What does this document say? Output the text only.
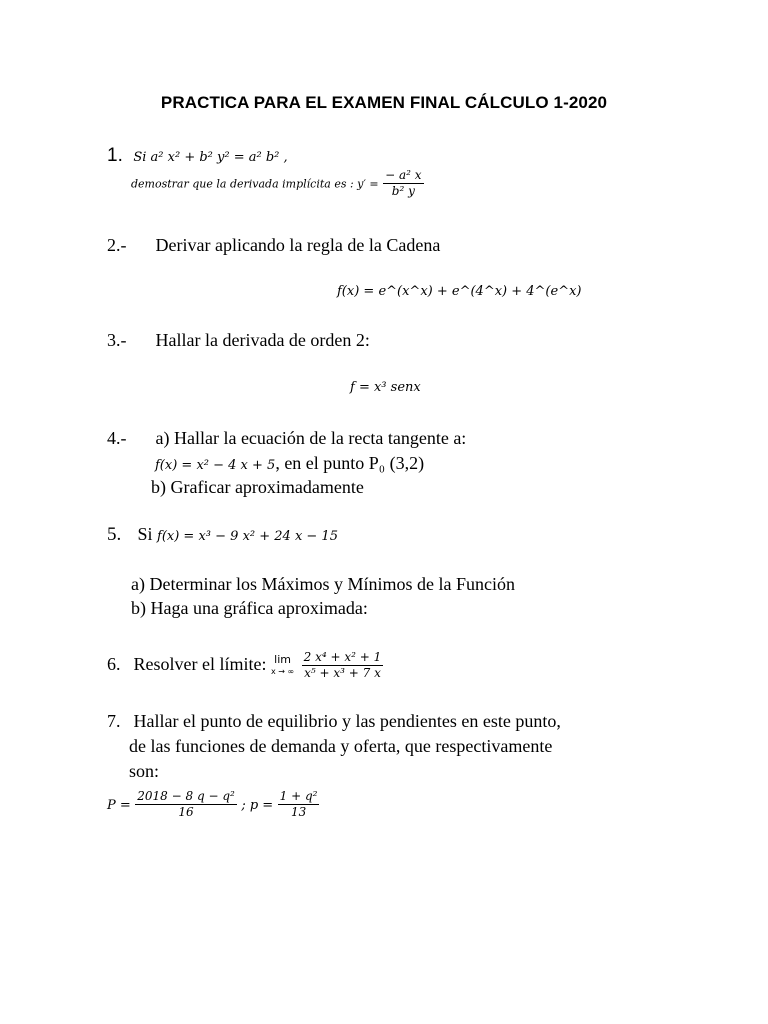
PRACTICA PARA EL EXAMEN FINAL CÁLCULO 1-2020
1. Si a² x² + b² y² = a² b² ,
demostrar que la derivada implícita es : $y' = \frac{\text{− a² x}}{\text{b² y}}$
2.- Derivar aplicando la regla de la Cadena
f(x) = e^(x^x) + e^(4^x) + 4^(e^x)
3.- Hallar la derivada de orden 2:
f = x³ senx
4.- a) Hallar la ecuación de la recta tangente a:
f(x) = x² − 4 x + 5, en el punto P₀ (3,2)
b) Graficar aproximadamente
5. Si f(x) = x³ − 9 x² + 24 x − 15
a) Determinar los Máximos y Mínimos de la Función
b) Haga una gráfica aproximada:
6. Resolver el límite: lim
x → ∞
$\frac{\text{2 x⁴ + x² + 1}}{\text{x⁵ + x³ + 7 x}}$
7. Hallar el punto de equilibrio y las pendientes en este punto,
de las funciones de demanda y oferta, que respectivamente
son:
$P = \frac{\text{2018 − 8 q − q²}}{16}$ ; $p = \frac{\text{1 + q²}}{13}$
